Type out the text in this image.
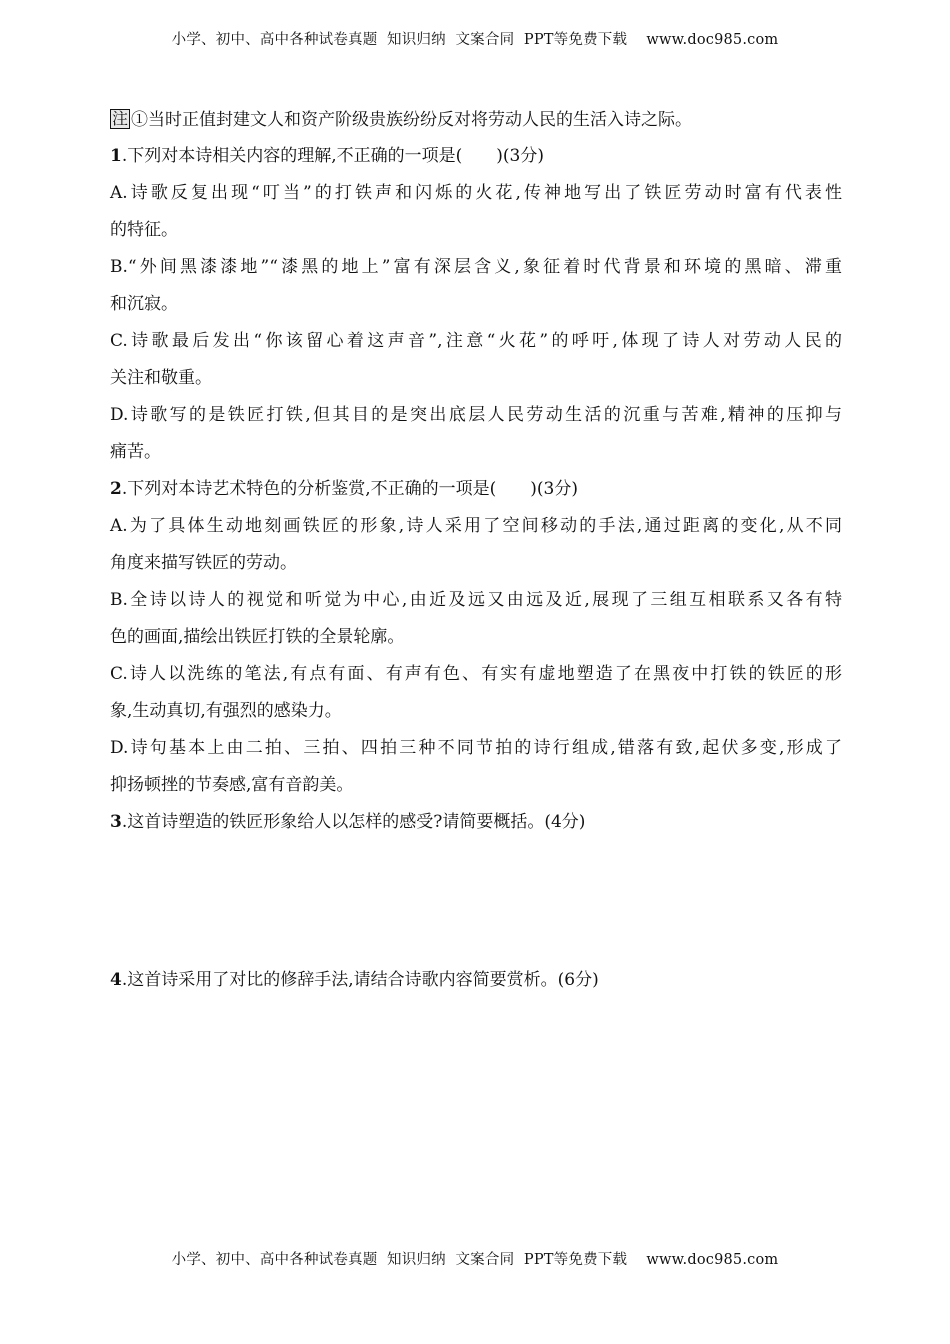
小学、初中、高中各种试卷真题  知识归纳  文案合同  PPT等免费下载    www.doc985.com
注 ①当时正值封建文人和资产阶级贵族纷纷反对将劳动人民的生活入诗之际。
1.下列对本诗相关内容的理解,不正确的一项是(　　)(3分)
A.诗歌反复出现“叮当”的打铁声和闪烁的火花,传神地写出了铁匠劳动时富有代表性
的特征。
B.“外间黑漆漆地”“漆黑的地上”富有深层含义,象征着时代背景和环境的黑暗、滞重
和沉寂。
C.诗歌最后发出“你该留心着这声音”,注意“火花”的呼吁,体现了诗人对劳动人民的
关注和敬重。
D.诗歌写的是铁匠打铁,但其目的是突出底层人民劳动生活的沉重与苦难,精神的压抑与
痛苦。
2.下列对本诗艺术特色的分析鉴赏,不正确的一项是(　　)(3分)
A.为了具体生动地刻画铁匠的形象,诗人采用了空间移动的手法,通过距离的变化,从不同
角度来描写铁匠的劳动。
B.全诗以诗人的视觉和听觉为中心,由近及远又由远及近,展现了三组互相联系又各有特
色的画面,描绘出铁匠打铁的全景轮廓。
C.诗人以洗练的笔法,有点有面、有声有色、有实有虚地塑造了在黑夜中打铁的铁匠的形
象,生动真切,有强烈的感染力。
D.诗句基本上由二拍、三拍、四拍三种不同节拍的诗行组成,错落有致,起伏多变,形成了
抑扬顿挫的节奏感,富有音韵美。
3.这首诗塑造的铁匠形象给人以怎样的感受?请简要概括。(4分)
4.这首诗采用了对比的修辞手法,请结合诗歌内容简要赏析。(6分)
小学、初中、高中各种试卷真题  知识归纳  文案合同  PPT等免费下载    www.doc985.com
